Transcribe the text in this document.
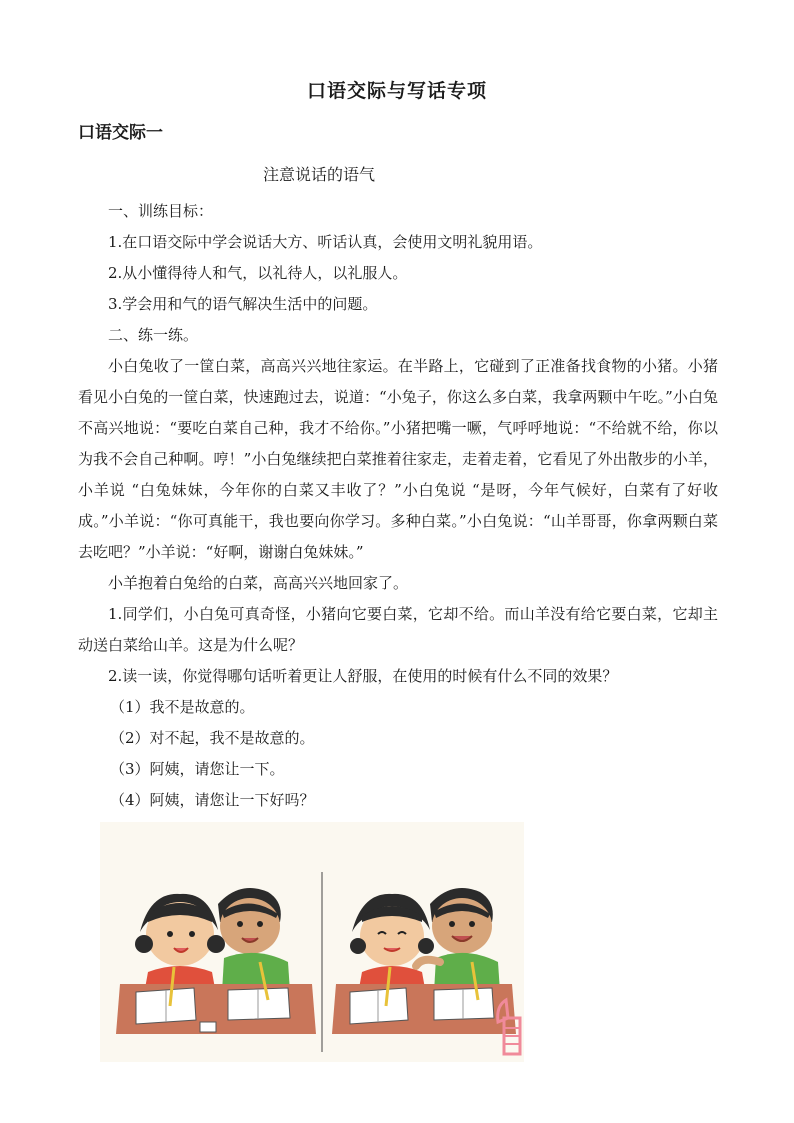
口语交际与写话专项
口语交际一
注意说话的语气
一、训练目标：
1.在口语交际中学会说话大方、听话认真，会使用文明礼貌用语。
2.从小懂得待人和气，以礼待人，以礼服人。
3.学会用和气的语气解决生活中的问题。
二、练一练。
小白兔收了一筐白菜，高高兴兴地往家运。在半路上，它碰到了正准备找食物的小猪。小猪看见小白兔的一筐白菜，快速跑过去，说道：“小兔子，你这么多白菜，我拿两颗中午吃。”小白兔不高兴地说：“要吃白菜自己种，我才不给你。”小猪把嘴一噘，气呼呼地说：“不给就不给，你以为我不会自己种啊。哼！”小白兔继续把白菜推着往家走，走着走着，它看见了外出散步的小羊，小羊说 “白兔妹妹，今年你的白菜又丰收了？”小白兔说 “是呀，今年气候好，白菜有了好收成。”小羊说：“你可真能干，我也要向你学习。多种白菜。”小白兔说：“山羊哥哥，你拿两颗白菜去吃吧？”小羊说：“好啊，谢谢白兔妹妹。”
小羊抱着白兔给的白菜，高高兴兴地回家了。
1.同学们，小白兔可真奇怪，小猪向它要白菜，它却不给。而山羊没有给它要白菜，它却主动送白菜给山羊。这是为什么呢？
2.读一读，你觉得哪句话听着更让人舒服，在使用的时候有什么不同的效果？
（1）我不是故意的。
（2）对不起，我不是故意的。
（3）阿姨，请您让一下。
（4）阿姨，请您让一下好吗？
